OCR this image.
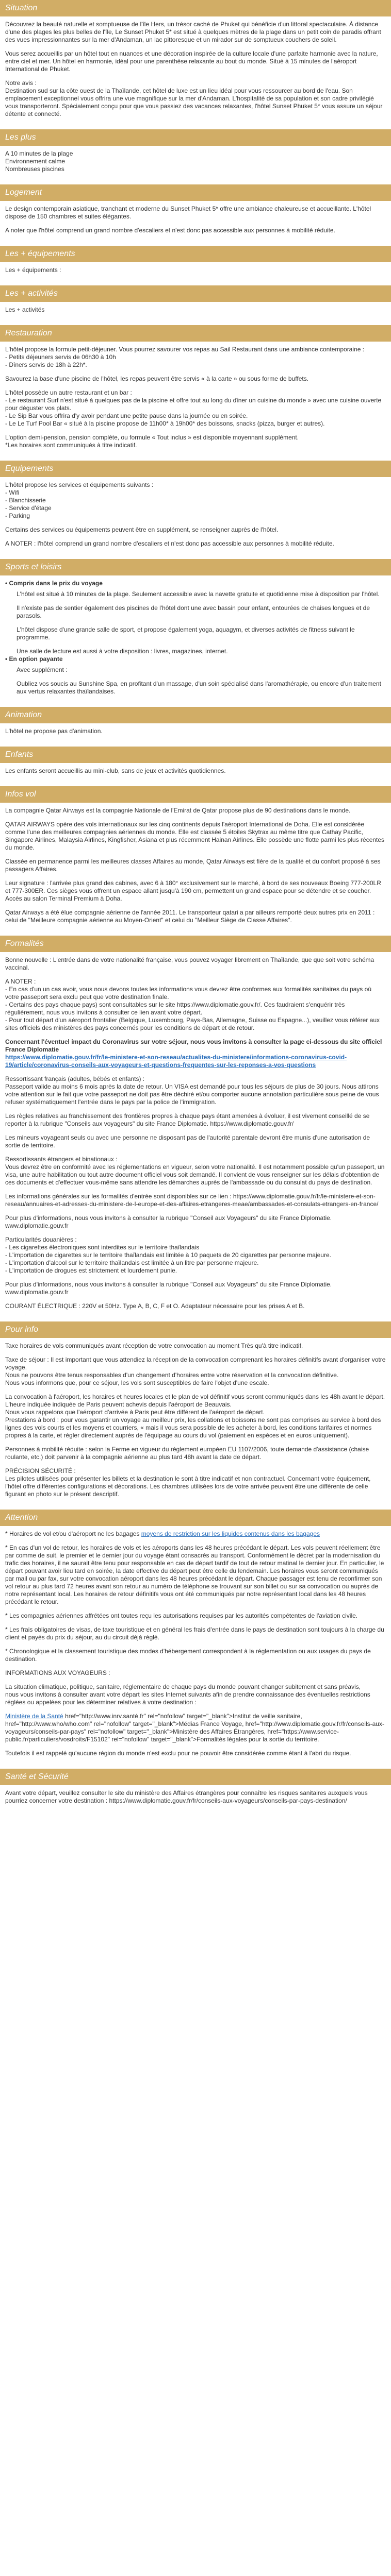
Situation

Découvrez la beauté naturelle et somptueuse de l'île Hers, un trésor caché de Phuket qui bénéficie d'un littoral spectaculaire. À distance d'une des plages les plus belles de l'île, Le Sunset Phuket 5* est situé à quelques mètres de la plage dans un petit coin de paradis offrant des vues impressionnantes sur la mer d'Andaman, un lac pittoresque et un mirador sur de somptueux couchers de soleil.

Vous serez accueillis par un hôtel tout en nuances et une décoration inspirée de la culture locale d'une parfaite harmonie avec la nature, entre ciel et mer. Un hôtel en harmonie, idéal pour une parenthèse relaxante au bout du monde. Situé à 15 minutes de l'aéroport International de Phuket.

Notre avis :

Destination sud sur la côte ouest de la Thaïlande, cet hôtel de luxe est un lieu idéal pour vous ressourcer au bord de l'eau. Son emplacement exceptionnel vous offrira une vue magnifique sur la mer d'Andaman. L'hospitalité de sa population et son cadre privilégié vous transporteront. Spécialement conçu pour que vous passiez des vacances relaxantes, l'hôtel Sunset Phuket 5* vous assure un séjour détente et connecté.

Les plus
A 10 minutes de la plage
Environnement calme
Nombreuses piscines
Logement

Le design contemporain asiatique, tranchant et moderne du Sunset Phuket 5* offre une ambiance chaleureuse et accueillante. L'hôtel dispose de 150 chambres et suites élégantes.

A noter que l'hôtel comprend un grand nombre d'escaliers et n'est donc pas accessible aux personnes à mobilité réduite.

Les + équipements
Les + équipements :
Les + activités
Les + activités
Restauration

L'hôtel propose la formule petit-déjeuner. Vous pourrez savourer vos repas au Sail Restaurant dans une ambiance contemporaine :
- Petits déjeuners servis de 06h30 à 10h
- Dîners servis de 18h à 22h*.

Savourez la base d'une piscine de l'hôtel, les repas peuvent être servis « à la carte » ou sous forme de buffets.

L'hôtel possède un autre restaurant et un bar :
- Le restaurant Surf n'est situé à quelques pas de la piscine et offre tout au long du dîner un cuisine du monde » avec une cuisine ouverte pour déguster vos plats.
- Le Sip Bar vous offrira d'y avoir pendant une petite pause dans la journée ou en soirée.
- Le Le Turf Pool Bar « situé à la piscine propose de 11h00* à 19h00* des boissons, snacks (pizza, burger et autres).

L'option demi-pension, pension complète, ou formule « Tout inclus » est disponible moyennant supplément.
*Les horaires sont communiqués à titre indicatif.

Equipements

L'hôtel propose les services et équipements suivants :
- Wifi
- Blanchisserie
- Service d'étage
- Parking

Certains des services ou équipements peuvent être en supplément, se renseigner auprès de l'hôtel.

A NOTER : l'hôtel comprend un grand nombre d'escaliers et n'est donc pas accessible aux personnes à mobilité réduite.

Sports et loisirs
• Compris dans le prix du voyage

L'hôtel est situé à 10 minutes de la plage. Seulement accessible avec la navette gratuite et quotidienne mise à disposition par l'hôtel.

Il n'existe pas de sentier également des piscines de l'hôtel dont une avec bassin pour enfant, entourées de chaises longues et de parasols.

L'hôtel dispose d'une grande salle de sport, et propose également yoga, aquagym, et diverses activités de fitness suivant le programme.

Une salle de lecture est aussi à votre disposition : livres, magazines, internet.

• En option payante

Avec supplément :

Oubliez vos soucis au Sunshine Spa, en profitant d'un massage, d'un soin spécialisé dans l'aromathérapie, ou encore d'un traitement aux vertus relaxantes thaïlandaises.

Animation

L'hôtel ne propose pas d'animation.

Enfants

Les enfants seront accueillis au mini-club, sans de jeux et activités quotidiennes.

Infos vol

La compagnie Qatar Airways est la compagnie Nationale de l'Emirat de Qatar propose plus de 90 destinations dans le monde.

QATAR AIRWAYS opère des vols internationaux sur les cinq continents depuis l'aéroport International de Doha. Elle est considérée comme l'une des meilleures compagnies aériennes du monde. Elle est classée 5 étoiles Skytrax au même titre que Cathay Pacific, Singapore Airlines, Malaysia Airlines, Kingfisher, Asiana et plus récemment Hainan Airlines. Elle possède une flotte parmi les plus récentes du monde.

Classée en permanence parmi les meilleures classes Affaires au monde, Qatar Airways est fière de la qualité et du confort proposé à ses passagers Affaires.

Leur signature : l'arrivée plus grand des cabines, avec 6 à 180° exclusivement sur le marché, à bord de ses nouveaux Boeing 777-200LR et 777-300ER. Ces sièges vous offrent un espace allant jusqu'à 190 cm, permettent un grand espace pour se détendre et se coucher. Accès au salon Terminal Premium à Doha.

Qatar Airways a été élue compagnie aérienne de l'année 2011. Le transporteur qatari a par ailleurs remporté deux autres prix en 2011 : celui de "Meilleure compagnie aérienne au Moyen-Orient" et celui du "Meilleur Siège de Classe Affaires".

Formalités

Bonne nouvelle : L'entrée dans de votre nationalité française, vous pouvez voyager librement en Thaïlande, que que soit votre schéma vaccinal.

A NOTER :
- En cas d'un un cas avoir, vous nous devons toutes les informations vous devrez être conformes aux formalités sanitaires du pays où votre passeport sera exclu peut que votre destination finale.
- Certains des pays chaque pays) sont consultables sur le site https://www.diplomatie.gouv.fr/. Ces faudraient s'enquérir très régulièrement, nous vous invitons à consulter ce lien avant votre départ.
- Pour tout départ d'un aéroport frontalier (Belgique, Luxembourg, Pays-Bas, Allemagne, Suisse ou Espagne...), veuillez vous référer aux sites officiels des ministères des pays concernés pour les conditions de départ et de retour.

Concernant l'éventuel impact du Coronavirus sur votre séjour, nous vous invitons à consulter la page ci-dessous du site officiel France Diplomatie
https://www.diplomatie.gouv.fr/fr/le-ministere-et-son-reseau/actualites-du-ministere/informations-coronavirus-covid-19/article/coronavirus-conseils-aux-voyageurs-et-questions-frequentes-sur-les-reponses-a-vos-questions

Ressortissant français (adultes, bébés et enfants) :
Passeport valide au moins 6 mois après la date de retour. Un VISA est demandé pour tous les séjours de plus de 30 jours. Nous attirons votre attention sur le fait que votre passeport ne doit pas être déchiré et/ou comporter aucune annotation particulière sous peine de vous refuser systématiquement l'entrée dans le pays par la police de l'immigration.

Les règles relatives au franchissement des frontières propres à chaque pays étant amenées à évoluer, il est vivement conseillé de se reporter à la rubrique "Conseils aux voyageurs" du site France Diplomatie. https://www.diplomatie.gouv.fr/

Les mineurs voyageant seuls ou avec une personne ne disposant pas de l'autorité parentale devront être munis d'une autorisation de sortie de territoire.

Ressortissants étrangers et binationaux :
Vous devrez être en conformité avec les réglementations en vigueur, selon votre nationalité. Il est notamment possible qu'un passeport, un visa, une autre habilitation ou tout autre document officiel vous soit demandé. Il convient de vous renseigner sur les délais d'obtention de ces documents et d'effectuer vous-même sans attendre les démarches auprès de l'ambassade ou du consulat du pays de destination.

Les informations générales sur les formalités d'entrée sont disponibles sur ce lien : https://www.diplomatie.gouv.fr/fr/le-ministere-et-son-reseau/annuaires-et-adresses-du-ministere-de-l-europe-et-des-affaires-etrangeres-meae/ambassades-et-consulats-etrangers-en-france/

Pour plus d'informations, nous vous invitons à consulter la rubrique "Conseil aux Voyageurs" du site France Diplomatie. www.diplomatie.gouv.fr

Particularités douanières :
- Les cigarettes électroniques sont interdites sur le territoire thaïlandais
- L'importation de cigarettes sur le territoire thaïlandais est limitée à 10 paquets de 20 cigarettes par personne majeure.
- L'importation d'alcool sur le territoire thaïlandais est limitée à un litre par personne majeure.
- L'importation de drogues est strictement et lourdement punie.

Pour plus d'informations, nous vous invitons à consulter la rubrique "Conseil aux Voyageurs" du site France Diplomatie. www.diplomatie.gouv.fr

COURANT ÉLECTRIQUE : 220V et 50Hz. Type A, B, C, F et O. Adaptateur nécessaire pour les prises A et B.

Pour info

Taxe horaires de vols communiqués avant réception de votre convocation au moment Très qu'à titre indicatif.

Taxe de séjour : Il est important que vous attendiez la réception de la convocation comprenant les horaires définitifs avant d'organiser votre voyage.
Nous ne pouvons être tenus responsables d'un changement d'horaires entre votre réservation et la convocation définitive.
Nous vous informons que, pour ce séjour, les vols sont susceptibles de faire l'objet d'une escale.

La convocation à l'aéroport, les horaires et heures locales et le plan de vol définitif vous seront communiqués dans les 48h avant le départ.
L'heure indiquée indiquée de Paris peuvent achevis depuis l'aéroport de Beauvais.
Nous vous rappelons que l'aéroport d'arrivée à Paris peut être différent de l'aéroport de départ.
Prestations à bord : pour vous garantir un voyage au meilleur prix, les collations et boissons ne sont pas comprises au service à bord des lignes des vols courts et les moyens et courriers, « mais il vous sera possible de les acheter à bord, les conditions tarifaires et normes propres à la carte, et régler directement auprès de l'équipage au cours du vol (paiement en espèces et en euros uniquement).

Personnes à mobilité réduite : selon la Ferme en vigueur du règlement européen EU 1107/2006, toute demande d'assistance (chaise roulante, etc.) doit parvenir à la compagnie aérienne au plus tard 48h avant la date de départ.

PRÉCISION SÉCURITÉ :
Les pilotes utilisées pour présenter les billets et la destination le sont à titre indicatif et non contractuel. Concernant votre équipement, l'hôtel offre différentes configurations et décorations. Les chambres utilisées lors de votre arrivée peuvent être une différente de celle figurant en photo sur le présent descriptif.

Attention

* Horaires de vol et/ou d'aéroport ne les bagages moyens de restriction sur les liquides contenus dans les bagages

* En cas d'un vol de retour, les horaires de vols et les aéroports dans les 48 heures précédant le départ. Les vols peuvent réellement être par comme de suit, le premier et le dernier jour du voyage étant consacrés au transport. Conformément le décret par la modernisation du trafic des horaires, il ne saurait être tenu pour responsable en cas de départ tardif de tout de retour matinal le dernier jour. En particulier, le départ pouvant avoir lieu tard en soirée, la date effective du départ peut être celle du lendemain. Les horaires vous seront communiqués par mail ou par fax, sur votre convocation aéroport dans les 48 heures précédant le départ. Chaque passager est tenu de reconfirmer son vol retour au plus tard 72 heures avant son retour au numéro de téléphone se trouvant sur son billet ou sur sa convocation ou auprès de notre représentant local. Les horaires de retour définitifs vous ont été communiqués par notre représentant local dans les 48 heures précédant le retour.

* Les compagnies aériennes affrétées ont toutes reçu les autorisations requises par les autorités compétentes de l'aviation civile.

* Les frais obligatoires de visas, de taxe touristique et en général les frais d'entrée dans le pays de destination sont toujours à la charge du client et payés du prix du séjour, au du circuit déjà réglé.

* Chronologique et la classement touristique des modes d'hébergement correspondent à la réglementation ou aux usages du pays de destination.

INFORMATIONS AUX VOYAGEURS :

La situation climatique, politique, sanitaire, réglementaire de chaque pays du monde pouvant changer subitement et sans préavis,
nous vous invitons à consulter avant votre départ les sites Internet suivants afin de prendre connaissance des éventuelles restrictions réglées ou appelées pour les déterminer relatives à votre destination :

Ministère de la Santé href="http://www.inrv.santé.fr" rel="nofollow" target="_blank">Institut de veille sanitaire, href="http://www.who/who.com" rel="nofollow" target="_blank">Médias France Voyage, href="http://www.diplomatie.gouv.fr/fr/conseils-aux-voyageurs/conseils-par-pays" rel="nofollow" target="_blank">Ministère des Affaires Étrangères, href="https://www.service-public.fr/particuliers/vosdroits/F15102" rel="nofollow" target="_blank">Formalités légales pour la sortie du territoire.

Toutefois il est rappelé qu'aucune région du monde n'est exclu pour ne pouvoir être considérée comme étant à l'abri du risque.

Santé et Sécurité

Avant votre départ, veuillez consulter le site du ministère des Affaires étrangères pour connaître les risques sanitaires auxquels vous pourriez concerner votre destination : https://www.diplomatie.gouv.fr/fr/conseils-aux-voyageurs/conseils-par-pays-destination/
